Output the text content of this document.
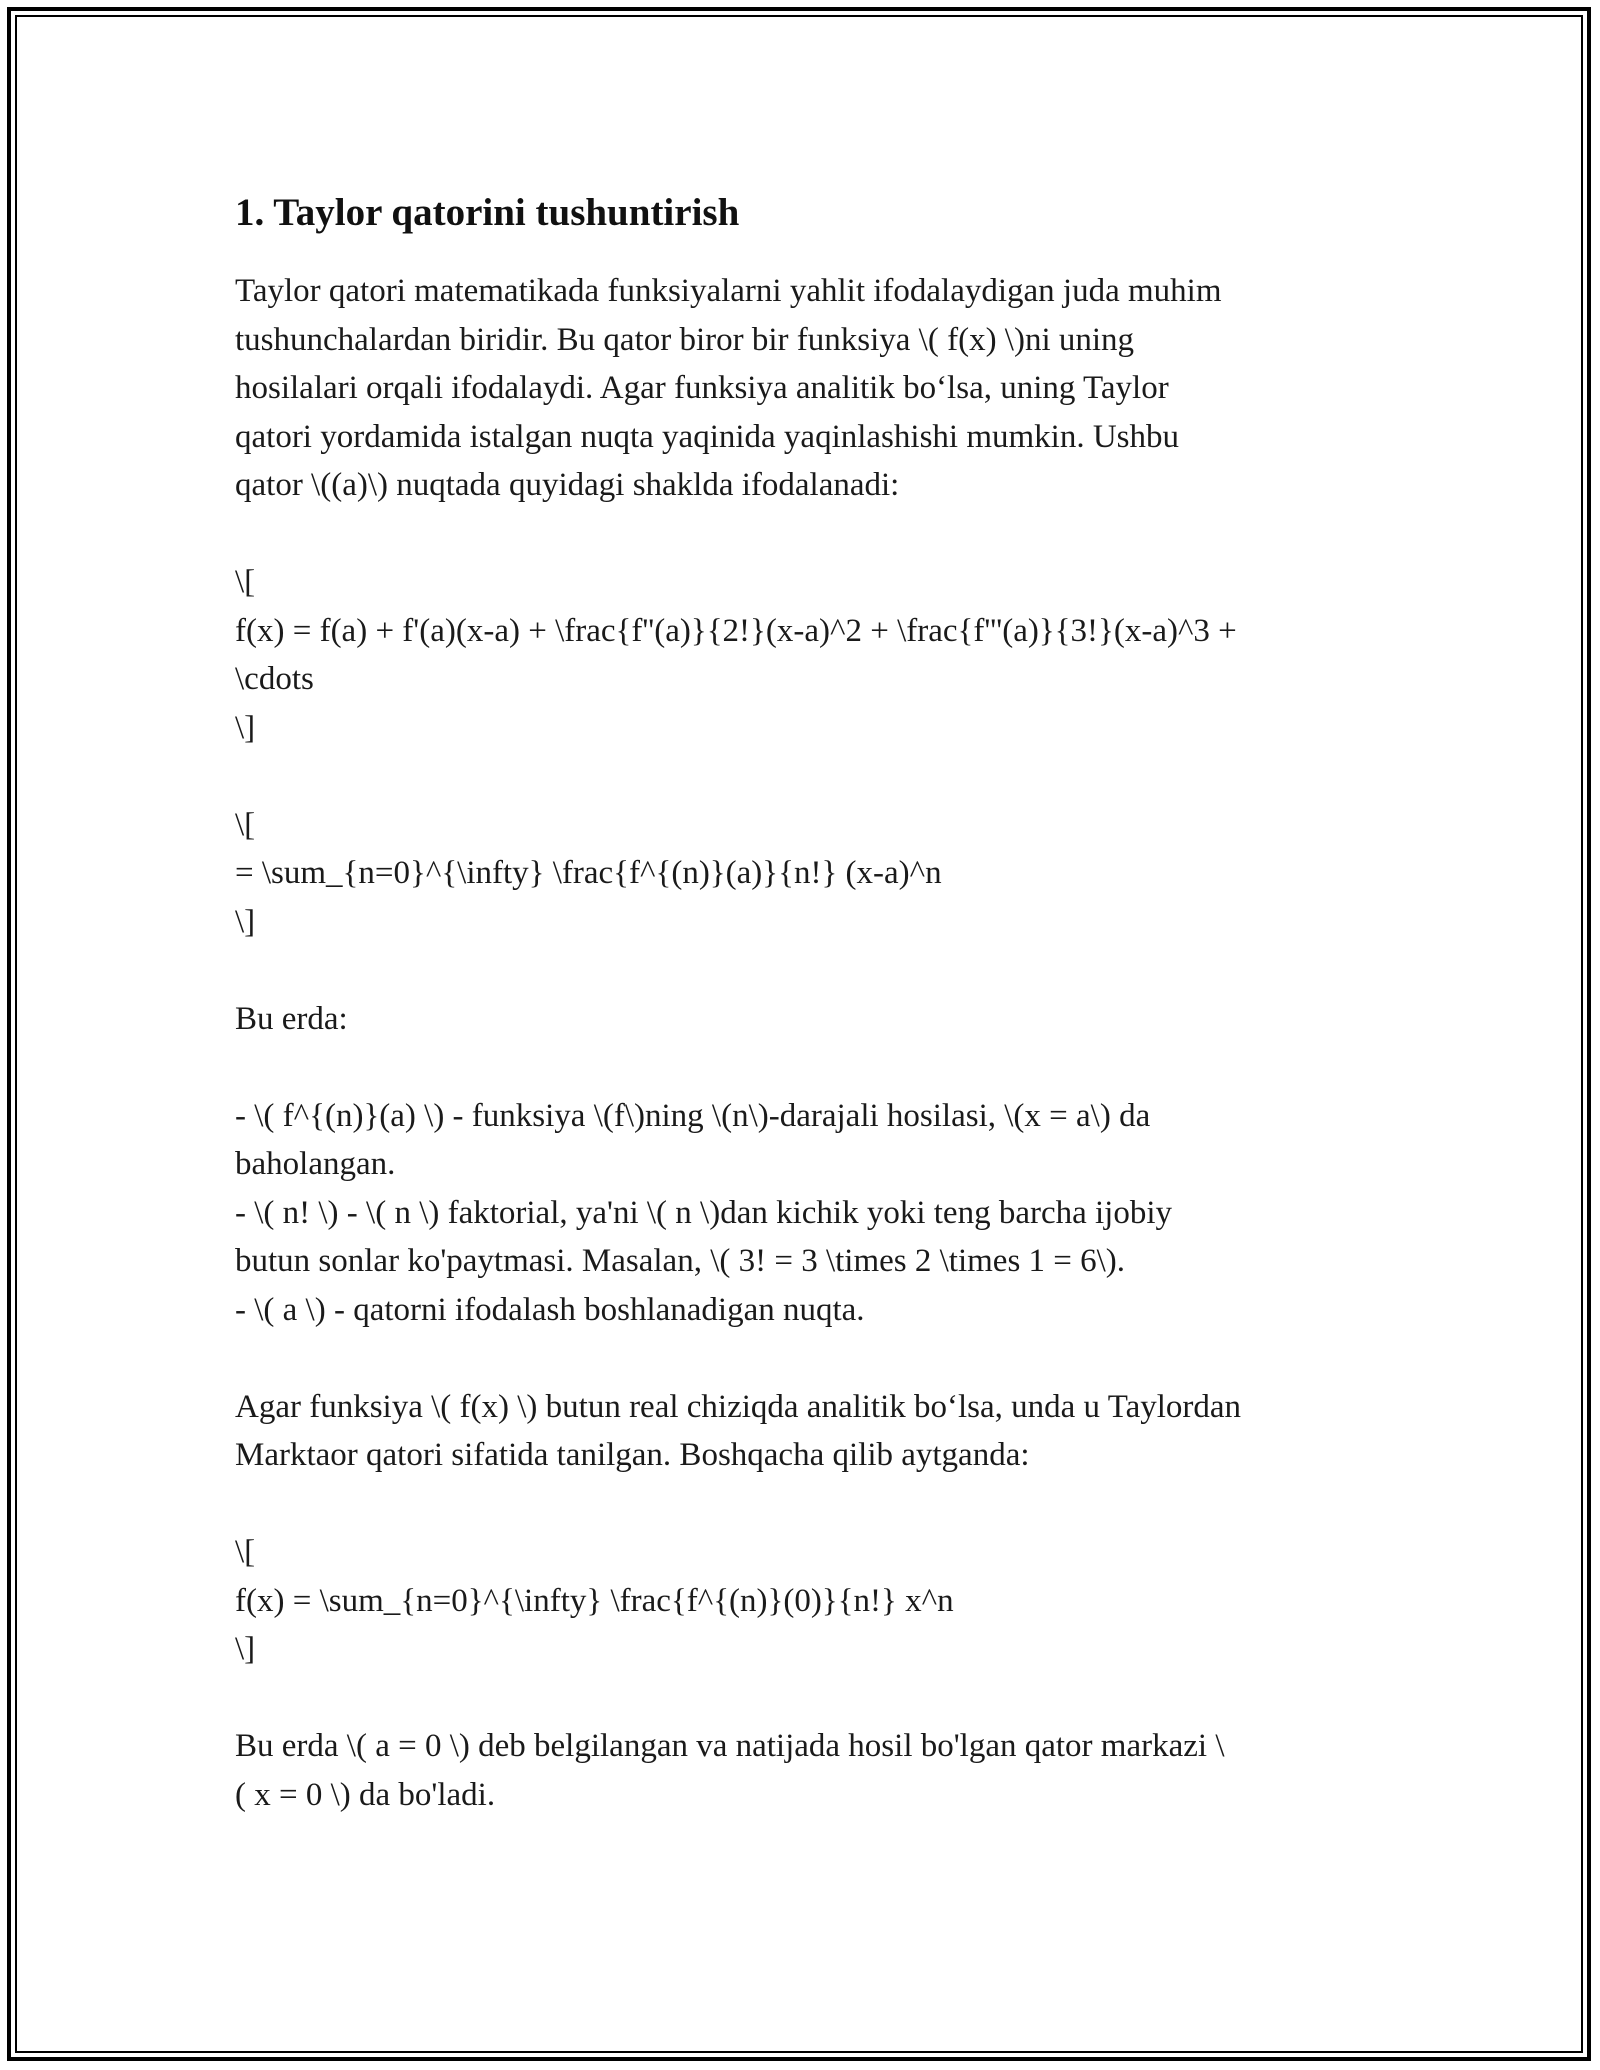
1. Taylor qatorini tushuntirish

Taylor qatori matematikada funksiyalarni yahlit ifodalaydigan juda muhim
tushunchalardan biridir. Bu qator biror bir funksiya \( f(x) \)ni uning
hosilalari orqali ifodalaydi. Agar funksiya analitik bo‘lsa, uning Taylor
qatori yordamida istalgan nuqta yaqinida yaqinlashishi mumkin. Ushbu
qator \((a)\) nuqtada quyidagi shaklda ifodalanadi:

\[
f(x) = f(a) + f'(a)(x-a) + \frac{f''(a)}{2!}(x-a)^2 + \frac{f'''(a)}{3!}(x-a)^3 +
\cdots
\]

\[
= \sum_{n=0}^{\infty} \frac{f^{(n)}(a)}{n!} (x-a)^n
\]

Bu erda:

- \( f^{(n)}(a) \) - funksiya \(f\)ning \(n\)-darajali hosilasi, \(x = a\) da
baholangan.
- \( n! \) - \( n \) faktorial, ya'ni \( n \)dan kichik yoki teng barcha ijobiy
butun sonlar ko'paytmasi. Masalan, \( 3! = 3 \times 2 \times 1 = 6\).
- \( a \) - qatorni ifodalash boshlanadigan nuqta.

Agar funksiya \( f(x) \) butun real chiziqda analitik bo‘lsa, unda u Taylordan
Marktaor qatori sifatida tanilgan. Boshqacha qilib aytganda:

\[
f(x) = \sum_{n=0}^{\infty} \frac{f^{(n)}(0)}{n!} x^n
\]

Bu erda \( a = 0 \) deb belgilangan va natijada hosil bo'lgan qator markazi \
( x = 0 \) da bo'ladi.
